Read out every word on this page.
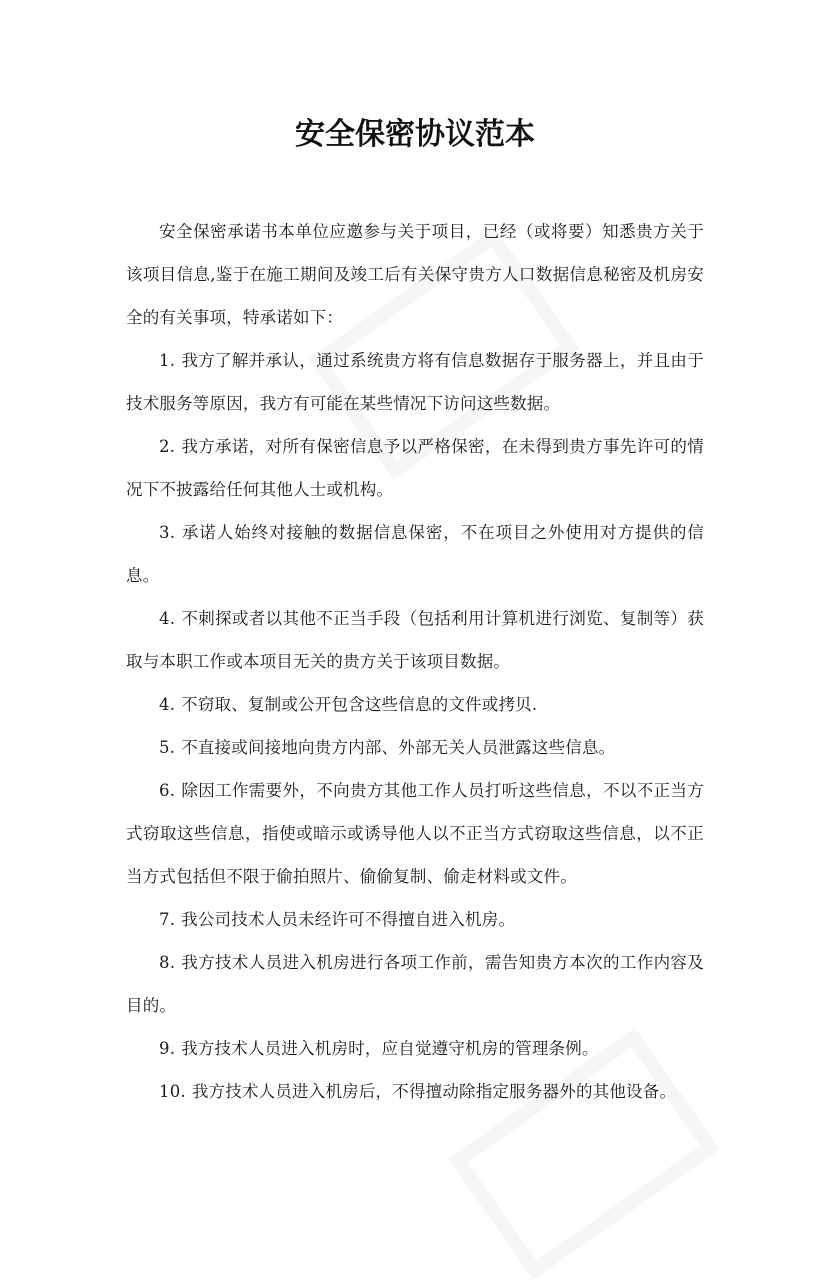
安全保密协议范本

安全保密承诺书本单位应邀参与关于项目，已经（或将要）知悉贵方关于该项目信息,鉴于在施工期间及竣工后有关保守贵方人口数据信息秘密及机房安全的有关事项，特承诺如下：

1. 我方了解并承认，通过系统贵方将有信息数据存于服务器上，并且由于技术服务等原因，我方有可能在某些情况下访问这些数据。

2. 我方承诺，对所有保密信息予以严格保密，在未得到贵方事先许可的情况下不披露给任何其他人士或机构。

3. 承诺人始终对接触的数据信息保密，不在项目之外使用对方提供的信息。

4. 不刺探或者以其他不正当手段（包括利用计算机进行浏览、复制等）获取与本职工作或本项目无关的贵方关于该项目数据。

4. 不窃取、复制或公开包含这些信息的文件或拷贝.

5. 不直接或间接地向贵方内部、外部无关人员泄露这些信息。

6. 除因工作需要外，不向贵方其他工作人员打听这些信息，不以不正当方式窃取这些信息，指使或暗示或诱导他人以不正当方式窃取这些信息，以不正当方式包括但不限于偷拍照片、偷偷复制、偷走材料或文件。

7. 我公司技术人员未经许可不得擅自进入机房。

8. 我方技术人员进入机房进行各项工作前，需告知贵方本次的工作内容及目的。

9. 我方技术人员进入机房时，应自觉遵守机房的管理条例。

10. 我方技术人员进入机房后，不得擅动除指定服务器外的其他设备。
